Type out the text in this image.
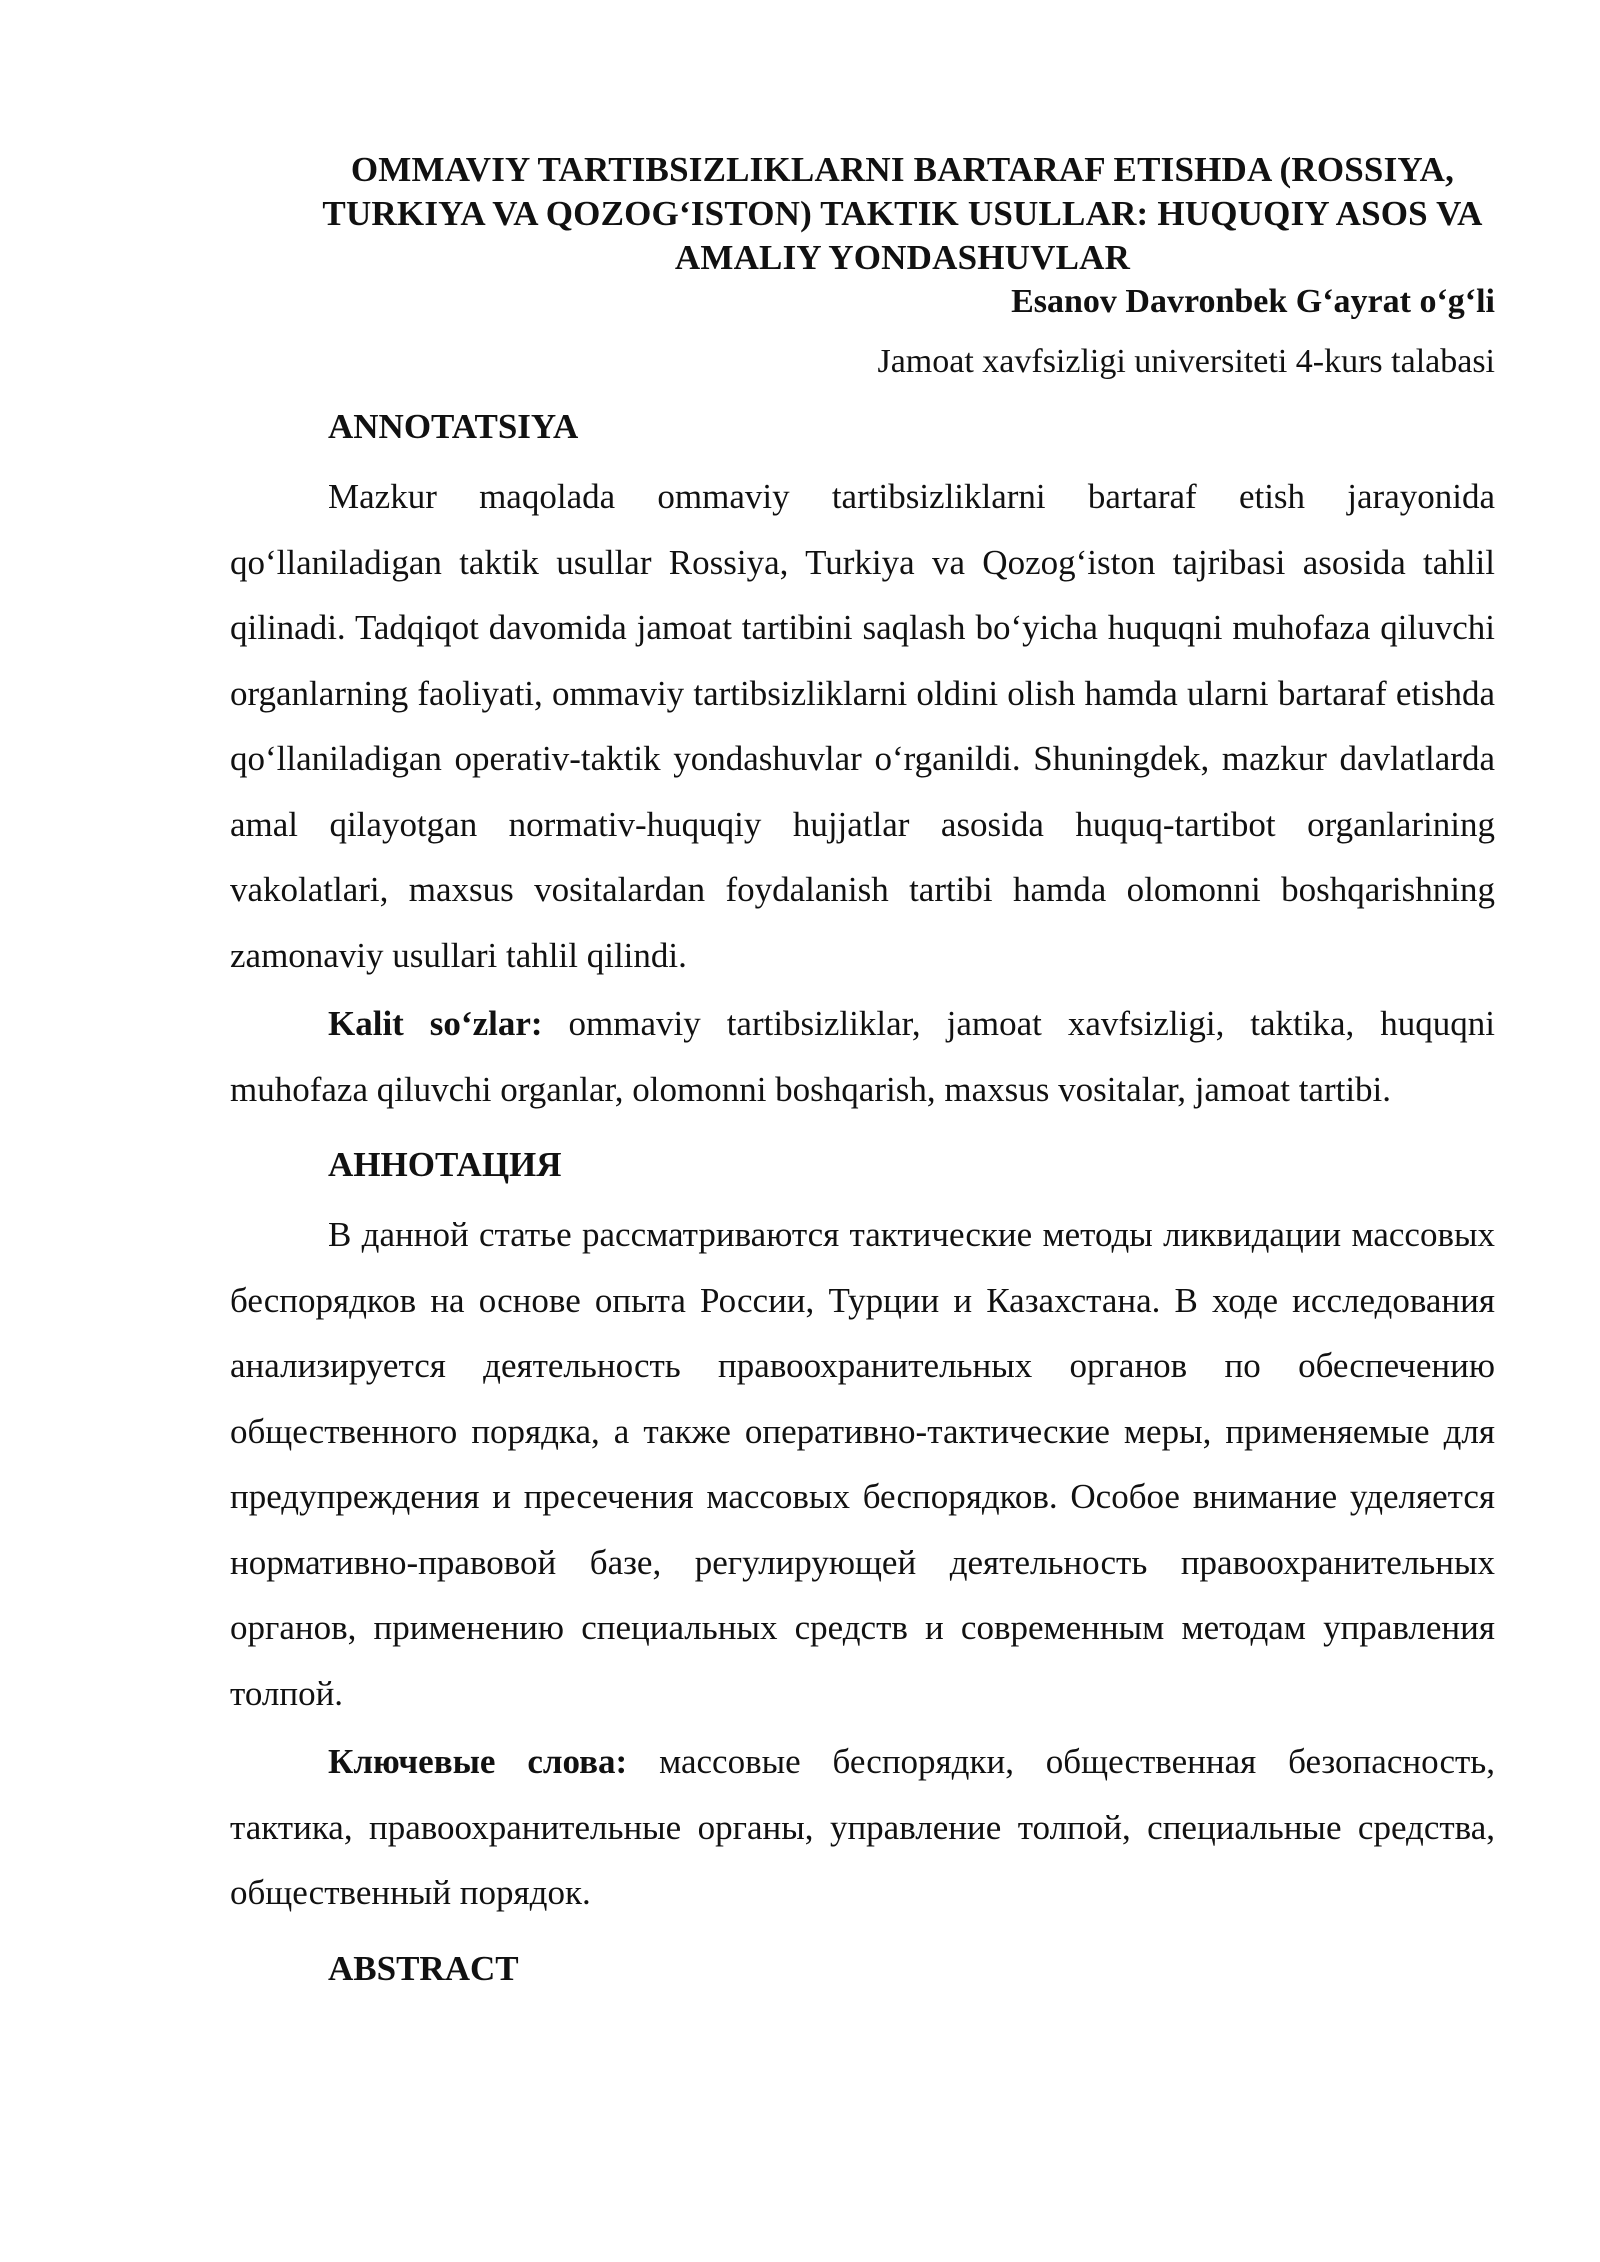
OMMAVIY TARTIBSIZLIKLARNI BARTARAF ETISHDA (ROSSIYA, TURKIYA VA QOZOG‘ISTON) TAKTIK USULLAR: HUQUQIY ASOS VA AMALIY YONDASHUVLAR

Esanov Davronbek G‘ayrat o‘g‘li

Jamoat xavfsizligi universiteti 4-kurs talabasi

ANNOTATSIYA

Mazkur maqolada ommaviy tartibsizliklarni bartaraf etish jarayonida qo‘llaniladigan taktik usullar Rossiya, Turkiya va Qozog‘iston tajribasi asosida tahlil qilinadi. Tadqiqot davomida jamoat tartibini saqlash bo‘yicha huquqni muhofaza qiluvchi organlarning faoliyati, ommaviy tartibsizliklarni oldini olish hamda ularni bartaraf etishda qo‘llaniladigan operativ-taktik yondashuvlar o‘rganildi. Shuningdek, mazkur davlatlarda amal qilayotgan normativ-huquqiy hujjatlar asosida huquq-tartibot organlarining vakolatlari, maxsus vositalardan foydalanish tartibi hamda olomonni boshqarishning zamonaviy usullari tahlil qilindi.

Kalit so‘zlar: ommaviy tartibsizliklar, jamoat xavfsizligi, taktika, huquqni muhofaza qiluvchi organlar, olomonni boshqarish, maxsus vositalar, jamoat tartibi.

АННОТАЦИЯ

В данной статье рассматриваются тактические методы ликвидации массовых беспорядков на основе опыта России, Турции и Казахстана. В ходе исследования анализируется деятельность правоохранительных органов по обеспечению общественного порядка, а также оперативно-тактические меры, применяемые для предупреждения и пресечения массовых беспорядков. Особое внимание уделяется нормативно-правовой базе, регулирующей деятельность правоохранительных органов, применению специальных средств и современным методам управления толпой.

Ключевые слова: массовые беспорядки, общественная безопасность, тактика, правоохранительные органы, управление толпой, специальные средства, общественный порядок.

ABSTRACT
